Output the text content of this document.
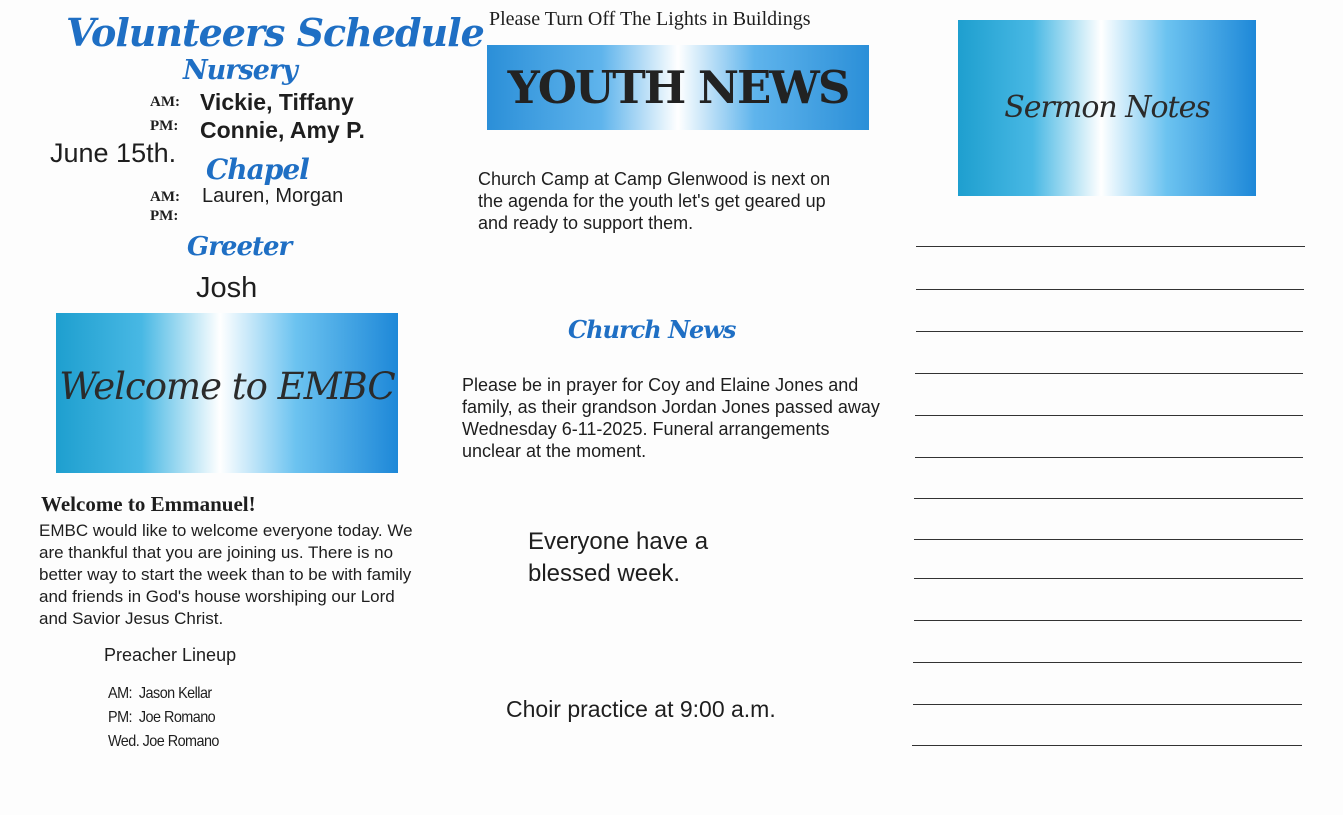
Volunteers Schedule
Nursery
AM: Vickie, Tiffany
PM: Connie, Amy P.
June 15th. Chapel
AM: Lauren, Morgan
PM:
Greeter
Josh
Welcome to EMBC
Welcome to Emmanuel!

EMBC would like to welcome everyone today. We are thankful that you are joining us. There is no better way to start the week than to be with family and friends in God's house worshiping our Lord and Savior Jesus Christ.

Preacher Lineup
AM:  Jason Kellar
PM:  Joe Romano
Wed. Joe Romano
Please Turn Off The Lights in Buildings
YOUTH NEWS

Church Camp at Camp Glenwood is next on the agenda for the youth let's get geared up and ready to support them.

Church News

Please be in prayer for Coy and Elaine Jones and family, as their grandson Jordan Jones passed away Wednesday 6-11-2025. Funeral arrangements unclear at the moment.

Everyone have a blessed week.

Choir practice at 9:00 a.m.
Sermon Notes
